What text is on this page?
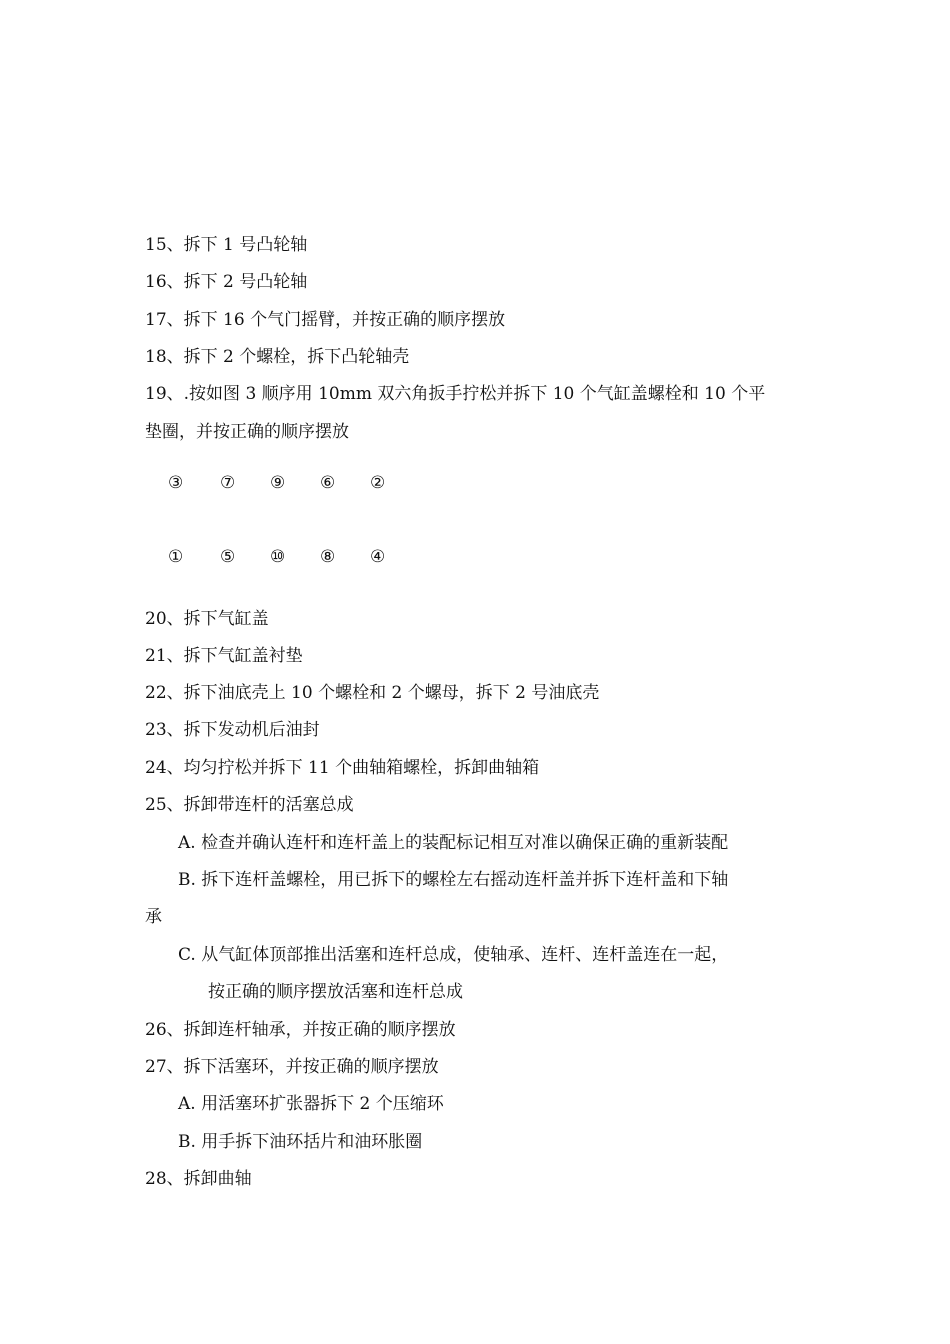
15、拆下 1 号凸轮轴
16、拆下 2 号凸轮轴
17、拆下 16 个气门摇臂，并按正确的顺序摆放
18、拆下 2 个螺栓，拆下凸轮轴壳
19、.按如图 3 顺序用 10mm 双六角扳手拧松并拆下 10 个气缸盖螺栓和 10 个平
垫圈，并按正确的顺序摆放
③	⑦	⑨	⑥	②
①	⑤	⑩	⑧	④
20、拆下气缸盖
21、拆下气缸盖衬垫
22、拆下油底壳上 10 个螺栓和 2 个螺母，拆下 2 号油底壳
23、拆下发动机后油封
24、均匀拧松并拆下 11 个曲轴箱螺栓，拆卸曲轴箱
25、拆卸带连杆的活塞总成
A. 检查并确认连杆和连杆盖上的装配标记相互对准以确保正确的重新装配
B. 拆下连杆盖螺栓，用已拆下的螺栓左右摇动连杆盖并拆下连杆盖和下轴
承
C. 从气缸体顶部推出活塞和连杆总成，使轴承、连杆、连杆盖连在一起，
按正确的顺序摆放活塞和连杆总成
26、拆卸连杆轴承，并按正确的顺序摆放
27、拆下活塞环，并按正确的顺序摆放
A. 用活塞环扩张器拆下 2 个压缩环
B. 用手拆下油环括片和油环胀圈
28、拆卸曲轴
